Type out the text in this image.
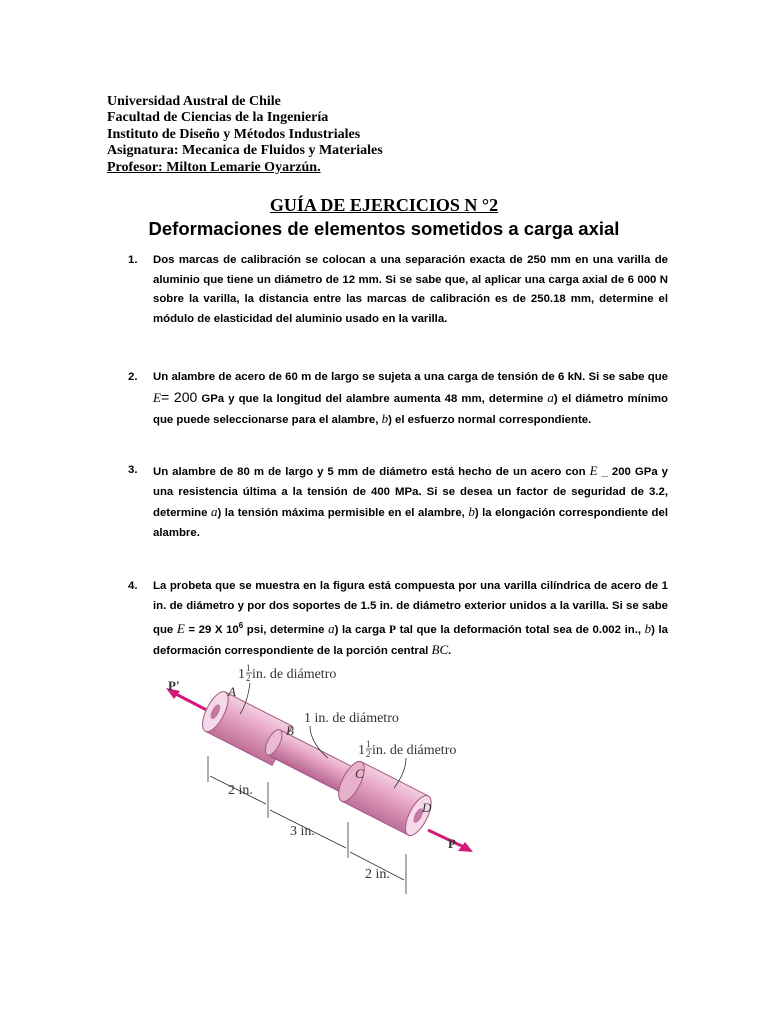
Universidad Austral de Chile
Facultad de Ciencias de la Ingeniería
Instituto de Diseño y Métodos Industriales
Asignatura: Mecanica de Fluidos y Materiales
Profesor: Milton Lemarie Oyarzún.
GUÍA DE EJERCICIOS N °2
Deformaciones de elementos sometidos a carga axial
1. Dos marcas de calibración se colocan a una separación exacta de 250 mm en una varilla de aluminio que tiene un diámetro de 12 mm. Si se sabe que, al aplicar una carga axial de 6 000 N sobre la varilla, la distancia entre las marcas de calibración es de 250.18 mm, determine el módulo de elasticidad del aluminio usado en la varilla.
2. Un alambre de acero de 60 m de largo se sujeta a una carga de tensión de 6 kN. Si se sabe que E= 200 GPa y que la longitud del alambre aumenta 48 mm, determine a) el diámetro mínimo que puede seleccionarse para el alambre, b) el esfuerzo normal correspondiente.
3. Un alambre de 80 m de largo y 5 mm de diámetro está hecho de un acero con E _ 200 GPa y una resistencia última a la tensión de 400 MPa. Si se desea un factor de seguridad de 3.2, determine a) la tensión máxima permisible en el alambre, b) la elongación correspondiente del alambre.
4. La probeta que se muestra en la figura está compuesta por una varilla cilíndrica de acero de 1 in. de diámetro y por dos soportes de 1.5 in. de diámetro exterior unidos a la varilla. Si se sabe que E = 29 X $10^6$ psi, determine a) la carga P tal que la deformación total sea de 0.002 in., b) la deformación correspondiente de la porción central BC.
P'
P
A
B
C
D
1 1
2 in. de diámetro
1 in. de diámetro
1 1
2 in. de diámetro
2 in.
3 in.
2 in.
